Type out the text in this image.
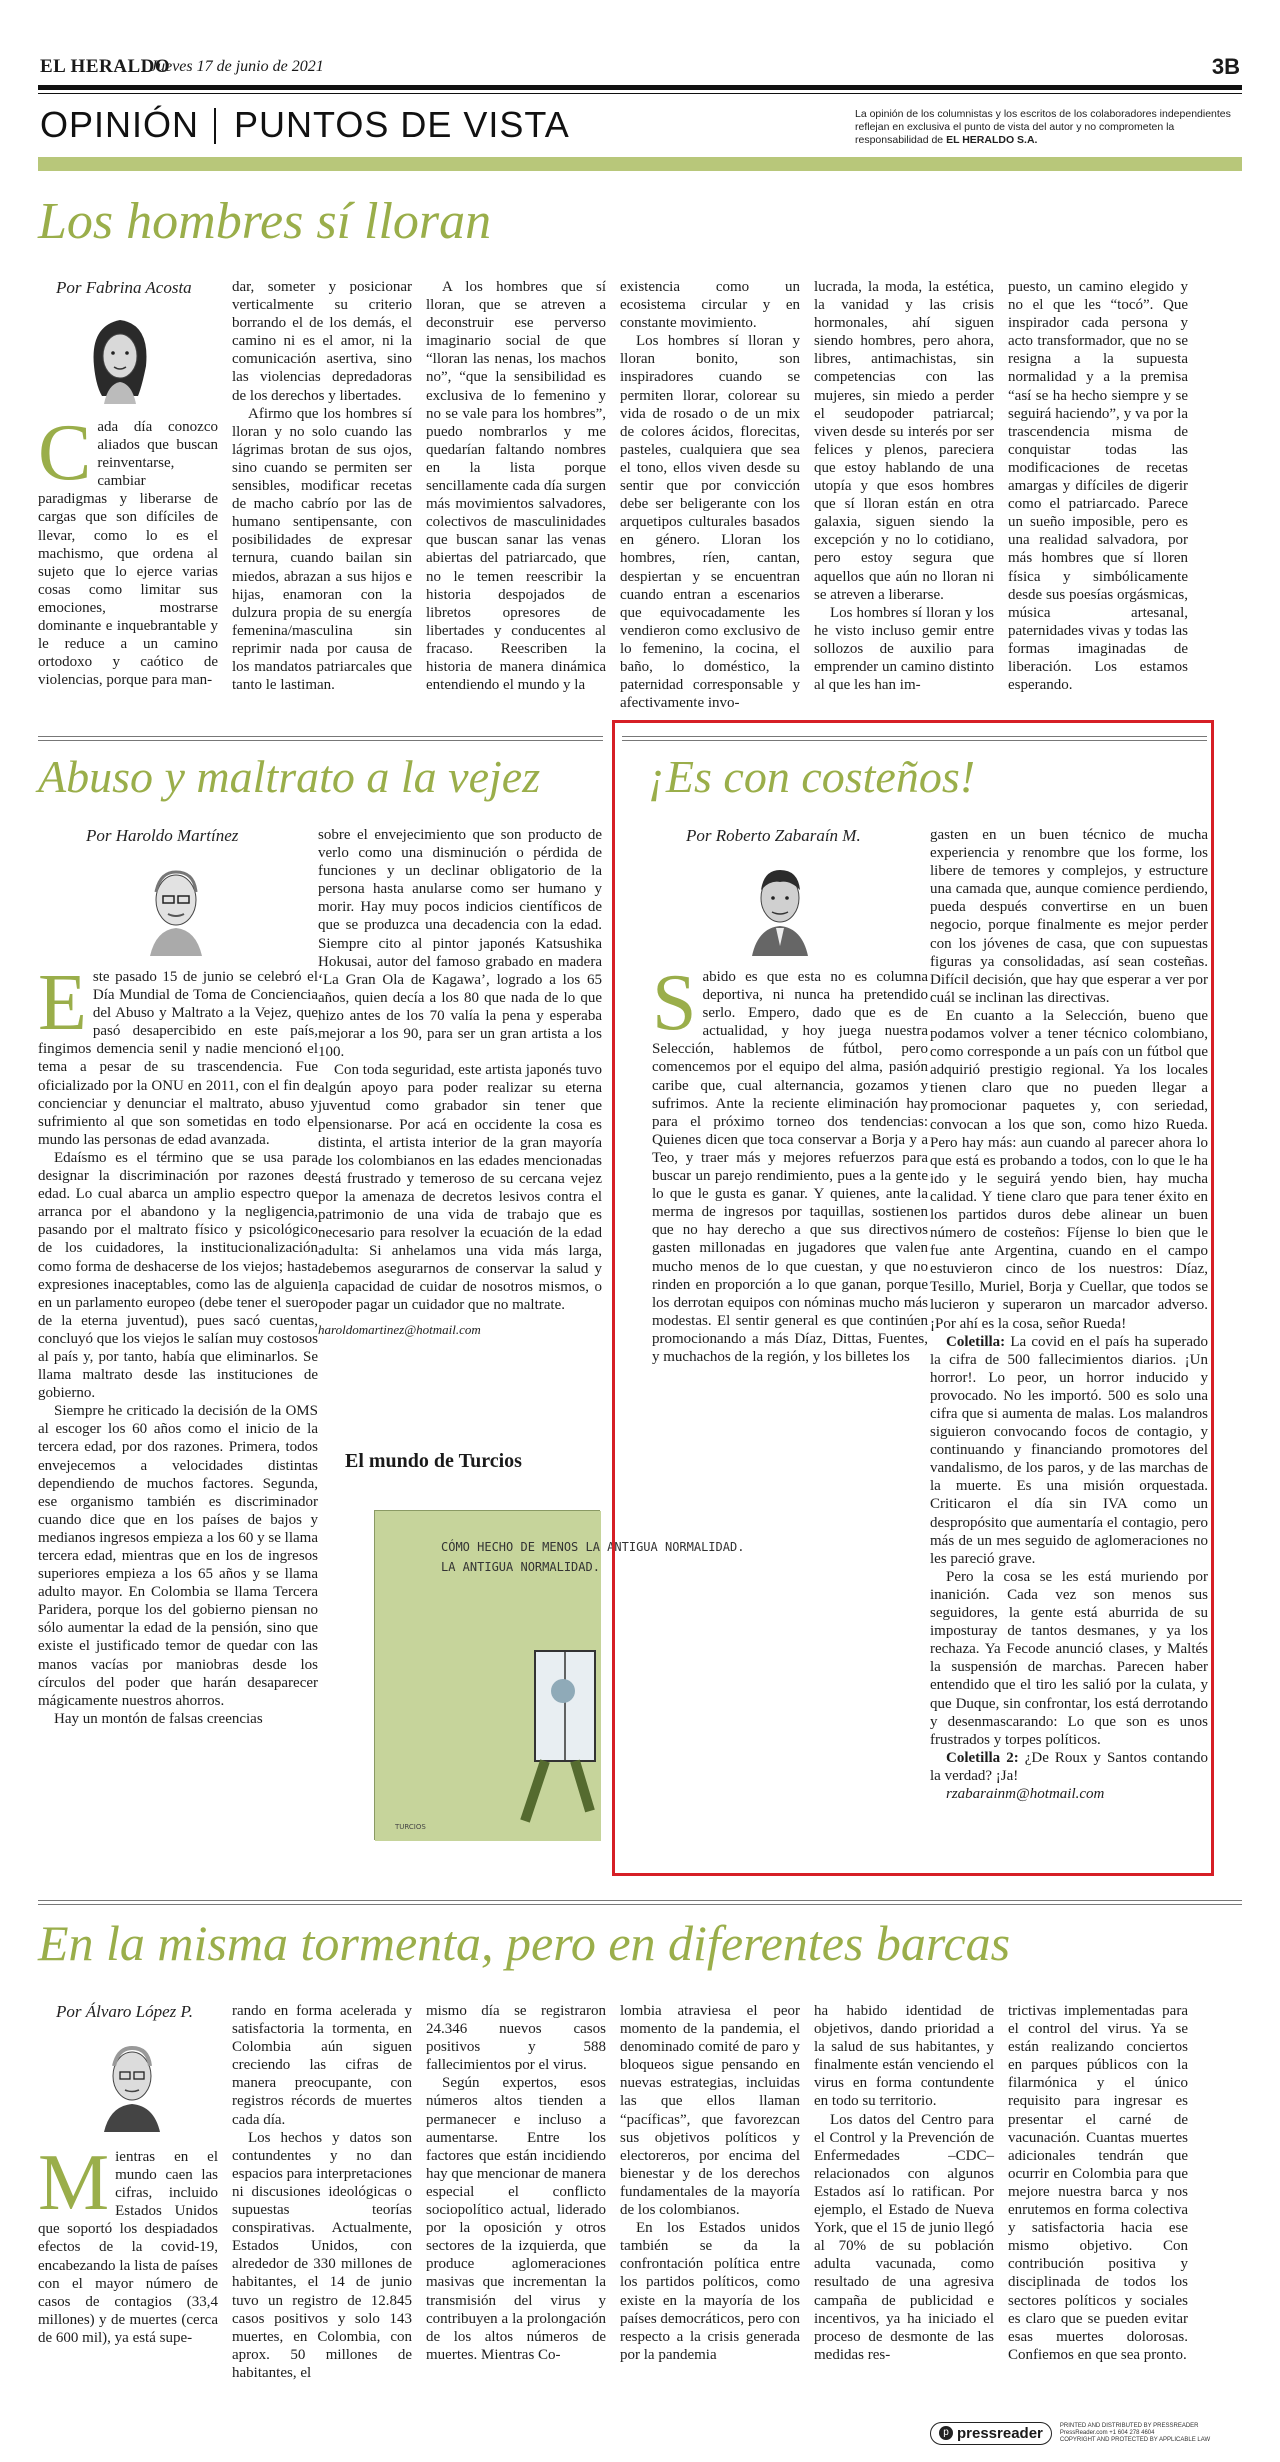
EL HERALDO
Jueves 17 de junio de 2021	3B
OPINIÓN PUNTOS DE VISTA	La opinión de los columnistas y los escritos de los colaboradores independientes reflejan en exclusiva el punto de vista del autor y no comprometen la responsabilidad de EL HERALDO S.A.
Los hombres sí lloran
Por Fabrina Acosta
C ada día conozco aliados que buscan reinventarse, cambiar paradigmas y liberarse de cargas que son difíciles de llevar, como lo es el machismo, que ordena al sujeto que lo ejerce varias cosas como limitar sus emociones, mostrarse dominante e inquebrantable y le reduce a un camino ortodoxo y caótico de violencias, porque para man-

dar, someter y posicionar verticalmente su criterio borrando el de los demás, el camino ni es el amor, ni la comunicación asertiva, sino las violencias depredadoras de los derechos y libertades.

Afirmo que los hombres sí lloran y no solo cuando las lágrimas brotan de sus ojos, sino cuando se permiten ser sensibles, modificar recetas de macho cabrío por las de humano sentipensante, con posibilidades de expresar ternura, cuando bailan sin miedos, abrazan a sus hijos e hijas, enamoran con la dulzura propia de su energía femenina/masculina sin reprimir nada por causa de los mandatos patriarcales que tanto le lastiman.

A los hombres que sí lloran, que se atreven a deconstruir ese perverso imaginario social de que “lloran las nenas, los machos no”, “que la sensibilidad es exclusiva de lo femenino y no se vale para los hombres”, puedo nombrarlos y me quedarían faltando nombres en la lista porque sencillamente cada día surgen más movimientos salvadores, colectivos de masculinidades que buscan sanar las venas abiertas del patriarcado, que no le temen reescribir la historia despojados de libretos opresores de libertades y conducentes al fracaso. Reescriben la historia de manera dinámica entendiendo el mundo y la

existencia como un ecosistema circular y en constante movimiento.

Los hombres sí lloran y lloran bonito, son inspiradores cuando se permiten llorar, colorear su vida de rosado o de un mix de colores ácidos, florecitas, pasteles, cualquiera que sea el tono, ellos viven desde su sentir que por convicción debe ser beligerante con los arquetipos culturales basados en género. Lloran los hombres, ríen, cantan, despiertan y se encuentran cuando entran a escenarios que equivocadamente les vendieron como exclusivo de lo femenino, la cocina, el baño, lo doméstico, la paternidad corresponsable y afectivamente invo-

lucrada, la moda, la estética, la vanidad y las crisis hormonales, ahí siguen siendo hombres, pero ahora, libres, antimachistas, sin competencias con las mujeres, sin miedo a perder el seudopoder patriarcal; viven desde su interés por ser felices y plenos, pareciera que estoy hablando de una utopía y que esos hombres que sí lloran están en otra galaxia, siguen siendo la excepción y no lo cotidiano, pero estoy segura que aquellos que aún no lloran ni se atreven a liberarse.

Los hombres sí lloran y los he visto incluso gemir entre sollozos de auxilio para emprender un camino distinto al que les han im-

puesto, un camino elegido y no el que les “tocó”. Que inspirador cada persona y acto transformador, que no se resigna a la supuesta normalidad y a la premisa “así se ha hecho siempre y se seguirá haciendo”, y va por la trascendencia misma de conquistar todas las modificaciones de recetas amargas y difíciles de digerir como el patriarcado. Parece un sueño imposible, pero es una realidad salvadora, por más hombres que sí lloren física y simbólicamente desde sus poesías orgásmicas, música artesanal, paternidades vivas y todas las formas imaginadas de liberación. Los estamos esperando.

Abuso y maltrato a la vejez
Por Haroldo Martínez
E ste pasado 15 de junio se celebró el Día Mundial de Toma de Conciencia del Abuso y Maltrato a la Vejez, que pasó desapercibido en este país, fingimos demencia senil y nadie mencionó el tema a pesar de su trascendencia. Fue oficializado por la ONU en 2011, con el fin de concienciar y denunciar el maltrato, abuso y sufrimiento al que son sometidas en todo el mundo las personas de edad avanzada.

Edaísmo es el término que se usa para designar la discriminación por razones de edad. Lo cual abarca un amplio espectro que arranca por el abandono y la negligencia, pasando por el maltrato físico y psicológico de los cuidadores, la institucionalización como forma de deshacerse de los viejos; hasta expresiones inaceptables, como las de alguien en un parlamento europeo (debe tener el suero de la eterna juventud), pues sacó cuentas, concluyó que los viejos le salían muy costosos al país y, por tanto, había que eliminarlos. Se llama maltrato desde las instituciones de gobierno.

Siempre he criticado la decisión de la OMS al escoger los 60 años como el inicio de la tercera edad, por dos razones. Primera, todos envejecemos a velocidades distintas dependiendo de muchos factores. Segunda, ese organismo también es discriminador cuando dice que en los países de bajos y medianos ingresos empieza a los 60 y se llama tercera edad, mientras que en los de ingresos superiores empieza a los 65 años y se llama adulto mayor. En Colombia se llama Tercera Paridera, porque los del gobierno piensan no sólo aumentar la edad de la pensión, sino que existe el justificado temor de quedar con las manos vacías por maniobras desde los círculos del poder que harán desaparecer mágicamente nuestros ahorros.

Hay un montón de falsas creencias

sobre el envejecimiento que son producto de verlo como una disminución o pérdida de funciones y un declinar obligatorio de la persona hasta anularse como ser humano y morir. Hay muy pocos indicios científicos de que se produzca una decadencia con la edad. Siempre cito al pintor japonés Katsushika Hokusai, autor del famoso grabado en madera ‘La Gran Ola de Kagawa’, logrado a los 65 años, quien decía a los 80 que nada de lo que hizo antes de los 70 valía la pena y esperaba mejorar a los 90, para ser un gran artista a los 100.

Con toda seguridad, este artista japonés tuvo algún apoyo para poder realizar su eterna juventud como grabador sin tener que pensionarse. Por acá en occidente la cosa es distinta, el artista interior de la gran mayoría de los colombianos en las edades mencionadas está frustrado y temeroso de su cercana vejez por la amenaza de decretos lesivos contra el patrimonio de una vida de trabajo que es necesario para resolver la ecuación de la edad adulta: Si anhelamos una vida más larga, debemos asegurarnos de conservar la salud y la capacidad de cuidar de nosotros mismos, o poder pagar un cuidador que no maltrate.

haroldomartinez@hotmail.com

El mundo de Turcios
CÓMO HECHO DE MENOS LA ANTIGUA NORMALIDAD.
LA ANTIGUA NORMALIDAD.
TURCIOS
¡Es con costeños!
Por Roberto Zabaraín M.
S abido es que esta no es columna deportiva, ni nunca ha pretendido serlo. Empero, dado que es de actualidad, y hoy juega nuestra Selección, hablemos de fútbol, pero comencemos por el equipo del alma, pasión caribe que, cual alternancia, gozamos y sufrimos. Ante la reciente eliminación hay para el próximo torneo dos tendencias: Quienes dicen que toca conservar a Borja y a Teo, y traer más y mejores refuerzos para buscar un parejo rendimiento, pues a la gente lo que le gusta es ganar. Y quienes, ante la merma de ingresos por taquillas, sostienen que no hay derecho a que sus directivos gasten millonadas en jugadores que valen mucho menos de lo que cuestan, y que no rinden en proporción a lo que ganan, porque los derrotan equipos con nóminas mucho más modestas. El sentir general es que continúen promocionando a más Díaz, Dittas, Fuentes, y muchachos de la región, y los billetes los

gasten en un buen técnico de mucha experiencia y renombre que los forme, los libere de temores y complejos, y estructure una camada que, aunque comience perdiendo, pueda después convertirse en un buen negocio, porque finalmente es mejor perder con los jóvenes de casa, que con supuestas figuras ya consolidadas, así sean costeñas. Difícil decisión, que hay que esperar a ver por cuál se inclinan las directivas.

En cuanto a la Selección, bueno que podamos volver a tener técnico colombiano, como corresponde a un país con un fútbol que adquirió prestigio regional. Ya los locales tienen claro que no pueden llegar a promocionar paquetes y, con seriedad, convocan a los que son, como hizo Rueda. Pero hay más: aun cuando al parecer ahora lo que está es probando a todos, con lo que le ha ido y le seguirá yendo bien, hay mucha calidad. Y tiene claro que para tener éxito en los partidos duros debe alinear un buen número de costeños: Fíjense lo bien que le fue ante Argentina, cuando en el campo estuvieron cinco de los nuestros: Díaz, Tesillo, Muriel, Borja y Cuellar, que todos se lucieron y superaron un marcador adverso. ¡Por ahí es la cosa, señor Rueda!

Coletilla: La covid en el país ha superado la cifra de 500 fallecimientos diarios. ¡Un horror!. Lo peor, un horror inducido y provocado. No les importó. 500 es solo una cifra que si aumenta de malas. Los malandros siguieron convocando focos de contagio, y continuando y financiando promotores del vandalismo, de los paros, y de las marchas de la muerte. Es una misión orquestada. Criticaron el día sin IVA como un despropósito que aumentaría el contagio, pero más de un mes seguido de aglomeraciones no les pareció grave.

Pero la cosa se les está muriendo por inanición. Cada vez son menos sus seguidores, la gente está aburrida de su imposturay de tantos desmanes, y ya los rechaza. Ya Fecode anunció clases, y Maltés la suspensión de marchas. Parecen haber entendido que el tiro les salió por la culata, y que Duque, sin confrontar, los está derrotando y desenmascarando: Lo que son es unos frustrados y torpes políticos.

Coletilla 2: ¿De Roux y Santos contando la verdad? ¡Ja!

rzabarainm@hotmail.com

En la misma tormenta, pero en diferentes barcas
Por Álvaro López P.
M ientras en el mundo caen las cifras, incluido Estados Unidos que soportó los despiadados efectos de la covid-19, encabezando la lista de países con el mayor número de casos de contagios (33,4 millones) y de muertes (cerca de 600 mil), ya está supe-

rando en forma acelerada y satisfactoria la tormenta, en Colombia aún siguen creciendo las cifras de manera preocupante, con registros récords de muertes cada día.

Los hechos y datos son contundentes y no dan espacios para interpretaciones ni discusiones ideológicas o supuestas teorías conspirativas. Actualmente, Estados Unidos, con alrededor de 330 millones de habitantes, el 14 de junio tuvo un registro de 12.845 casos positivos y solo 143 muertes, en Colombia, con aprox. 50 millones de habitantes, el

mismo día se registraron 24.346 nuevos casos positivos y 588 fallecimientos por el virus.

Según expertos, esos números altos tienden a permanecer e incluso a aumentarse. Entre los factores que están incidiendo hay que mencionar de manera especial el conflicto sociopolítico actual, liderado por la oposición y otros sectores de la izquierda, que produce aglomeraciones masivas que incrementan la transmisión del virus y contribuyen a la prolongación de los altos números de muertes. Mientras Co-

lombia atraviesa el peor momento de la pandemia, el denominado comité de paro y bloqueos sigue pensando en nuevas estrategias, incluidas las que ellos llaman “pacíficas”, que favorezcan sus objetivos políticos y electoreros, por encima del bienestar y de los derechos fundamentales de la mayoría de los colombianos.

En los Estados unidos también se da la confrontación política entre los partidos políticos, como existe en la mayoría de los países democráticos, pero con respecto a la crisis generada por la pandemia

ha habido identidad de objetivos, dando prioridad a la salud de sus habitantes, y finalmente están venciendo el virus en forma contundente en todo su territorio.

Los datos del Centro para el Control y la Prevención de Enfermedades –CDC– relacionados con algunos Estados así lo ratifican. Por ejemplo, el Estado de Nueva York, que el 15 de junio llegó al 70% de su población adulta vacunada, como resultado de una agresiva campaña de publicidad e incentivos, ya ha iniciado el proceso de desmonte de las medidas res-

trictivas implementadas para el control del virus. Ya se están realizando conciertos en parques públicos con la filarmónica y el único requisito para ingresar es presentar el carné de vacunación. Cuantas muertes adicionales tendrán que ocurrir en Colombia para que mejore nuestra barca y nos enrutemos en forma colectiva y satisfactoria hacia ese mismo objetivo. Con contribución positiva y disciplinada de todos los sectores políticos y sociales es claro que se pueden evitar esas muertes dolorosas. Confiemos en que sea pronto.

p pressreader	PRINTED AND DISTRIBUTED BY PRESSREADER
PressReader.com +1 604 278 4604
COPYRIGHT AND PROTECTED BY APPLICABLE LAW
